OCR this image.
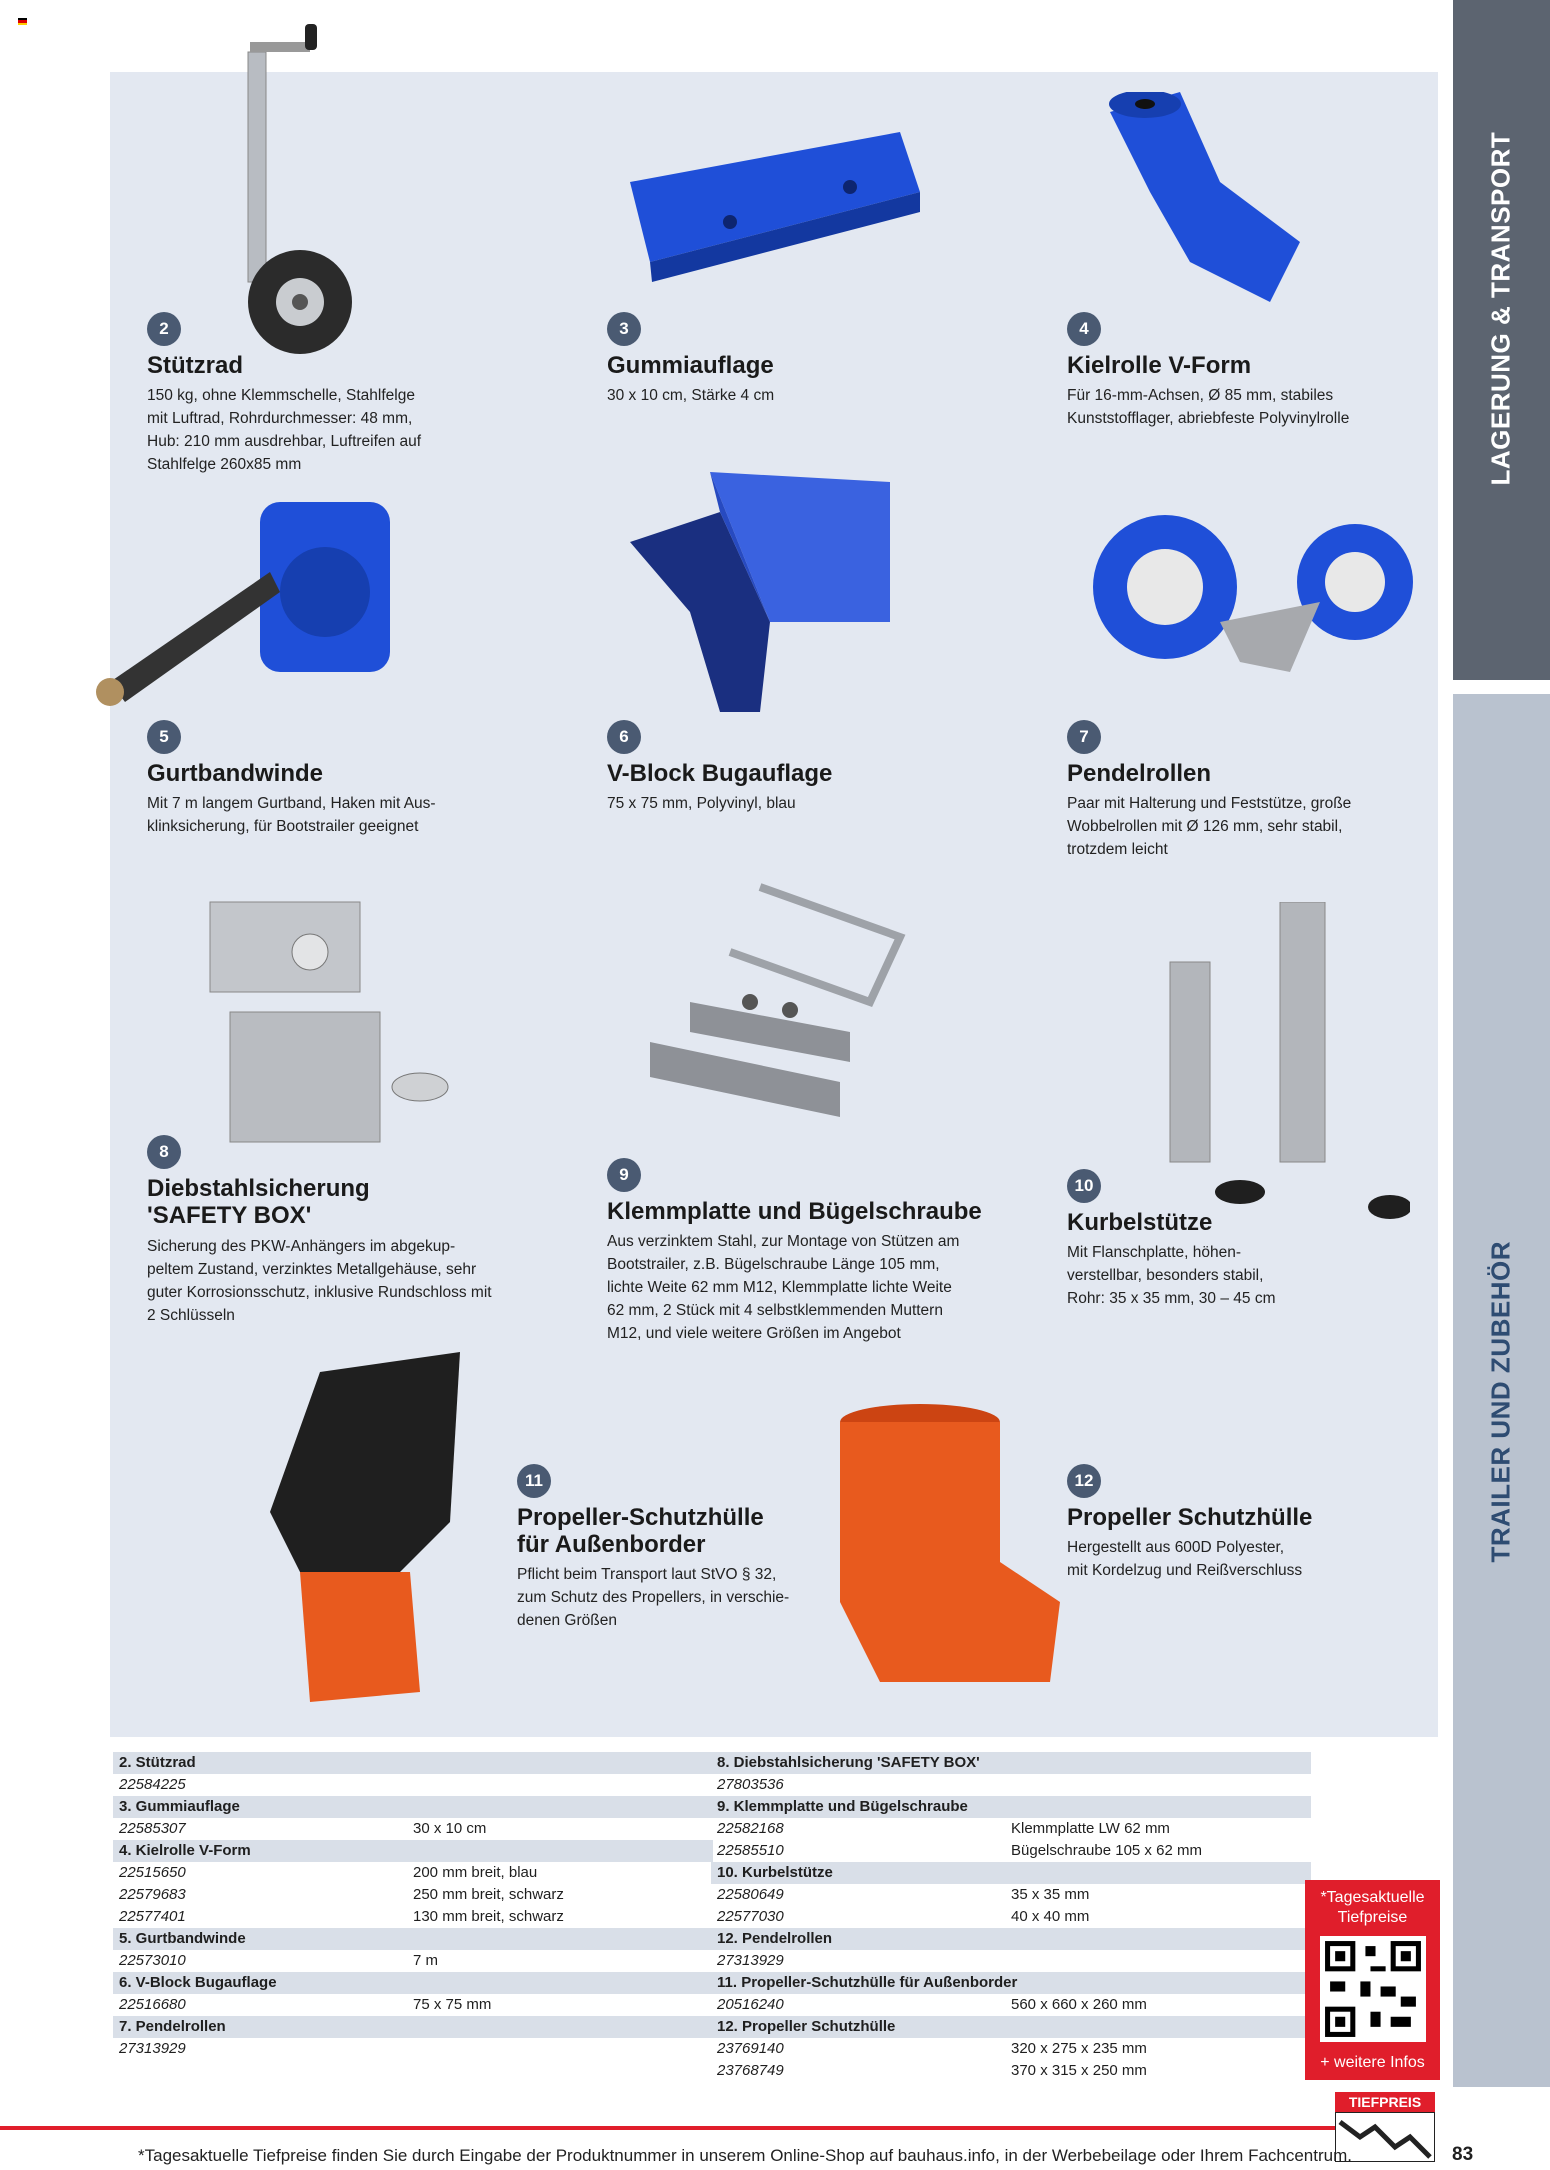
2
Stützrad

150 kg, ohne Klemmschelle, Stahlfelge
mit Luftrad, Rohrdurchmesser: 48 mm,
Hub: 210 mm ausdrehbar, Luftreifen auf
Stahlfelge 260x85 mm

3
Gummiauflage

30 x 10 cm, Stärke 4 cm

4
Kielrolle V-Form

Für 16-mm-Achsen, Ø 85 mm, stabiles
Kunststofflager, abriebfeste Polyvinylrolle

5
Gurtbandwinde

Mit 7 m langem Gurtband, Haken mit Aus-
klinksicherung, für Bootstrailer geeignet

6
V-Block Bugauflage

75 x 75 mm, Polyvinyl, blau

7
Pendelrollen

Paar mit Halterung und Feststütze, große
Wobbelrollen mit Ø 126 mm, sehr stabil,
trotzdem leicht

8
Diebstahlsicherung
'SAFETY BOX'

Sicherung des PKW-Anhängers im abgekup-
peltem Zustand, verzinktes Metallgehäuse, sehr
guter Korrosionsschutz, inklusive Rundschloss mit
2 Schlüsseln

9
Klemmplatte und Bügelschraube

Aus verzinktem Stahl, zur Montage von Stützen am
Bootstrailer, z.B. Bügelschraube Länge 105 mm,
lichte Weite 62 mm M12, Klemmplatte lichte Weite
62 mm, 2 Stück mit 4 selbstklemmenden Muttern
M12, und viele weitere Größen im Angebot

10
Kurbelstütze

Mit Flanschplatte, höhen-
verstellbar, besonders stabil,
Rohr: 35 x 35 mm, 30 – 45 cm

11
Propeller-Schutzhülle
für Außenborder

Pflicht beim Transport laut StVO § 32,
zum Schutz des Propellers, in verschie-
denen Größen

12
Propeller Schutzhülle

Hergestellt aus 600D Polyester,
mit Kordelzug und Reißverschluss

LAGERUNG & TRANSPORT
TRAILER UND ZUBEHÖR
2. Stützrad
22584225
3. Gummiauflage
22585307	30 x 10 cm
4. Kielrolle V-Form
22515650	200 mm breit, blau
22579683	250 mm breit, schwarz
22577401	130 mm breit, schwarz
5. Gurtbandwinde
22573010	7 m
6. V-Block Bugauflage
22516680	75 x 75 mm
7. Pendelrollen
27313929
8. Diebstahlsicherung 'SAFETY BOX'
27803536
9. Klemmplatte und Bügelschraube
22582168	Klemmplatte LW 62 mm
22585510	Bügelschraube 105 x 62 mm
10. Kurbelstütze
22580649	35 x 35 mm
22577030	40 x 40 mm
12. Pendelrollen
27313929
11. Propeller-Schutzhülle für Außenborder
20516240	560 x 660 x 260 mm
12. Propeller Schutzhülle
23769140	320 x 275 x 235 mm
23768749	370 x 315 x 250 mm
*Tagesaktuelle
Tiefpreise
+ weitere Infos
TIEFPREIS
*Tagesaktuelle Tiefpreise finden Sie durch Eingabe der Produktnummer in unserem Online-Shop auf bauhaus.info, in der Werbebeilage oder Ihrem Fachcentrum.	83
